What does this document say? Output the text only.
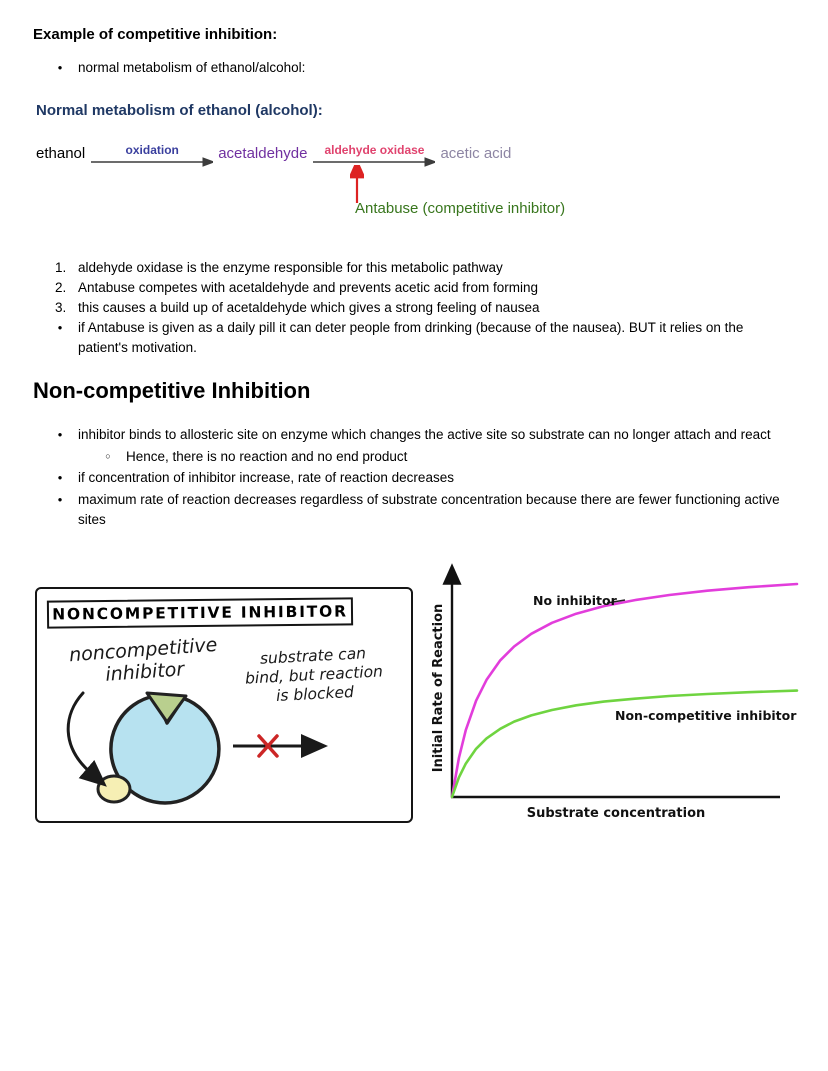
Example of competitive inhibition:
●
normal metabolism of ethanol/alcohol:
Normal metabolism of ethanol (alcohol):
ethanol	oxidation	acetaldehyde aldehyde oxidase acetic acid
Antabuse (competitive inhibitor)
1. aldehyde oxidase is the enzyme responsible for this metabolic pathway
2. Antabuse competes with acetaldehyde and prevents acetic acid from forming
3. this causes a build up of acetaldehyde which gives a strong feeling of nausea
●
if Antabuse is given as a daily pill it can deter people from drinking (because of the nausea). BUT it relies on the patient's motivation.
Non-competitive Inhibition
●
inhibitor binds to allosteric site on enzyme which changes the active site so substrate can no longer attach and react
○
Hence, there is no reaction and no end product
●
if concentration of inhibitor increase, rate of reaction decreases
●
maximum rate of reaction decreases regardless of substrate concentration because there are fewer functioning active sites
NONCOMPETITIVE INHIBITOR
noncompetitive
inhibitor
substrate can
bind, but reaction
is blocked
No inhibitor
Non-competitive inhibitor
Initial Rate of Reaction
Substrate concentration
